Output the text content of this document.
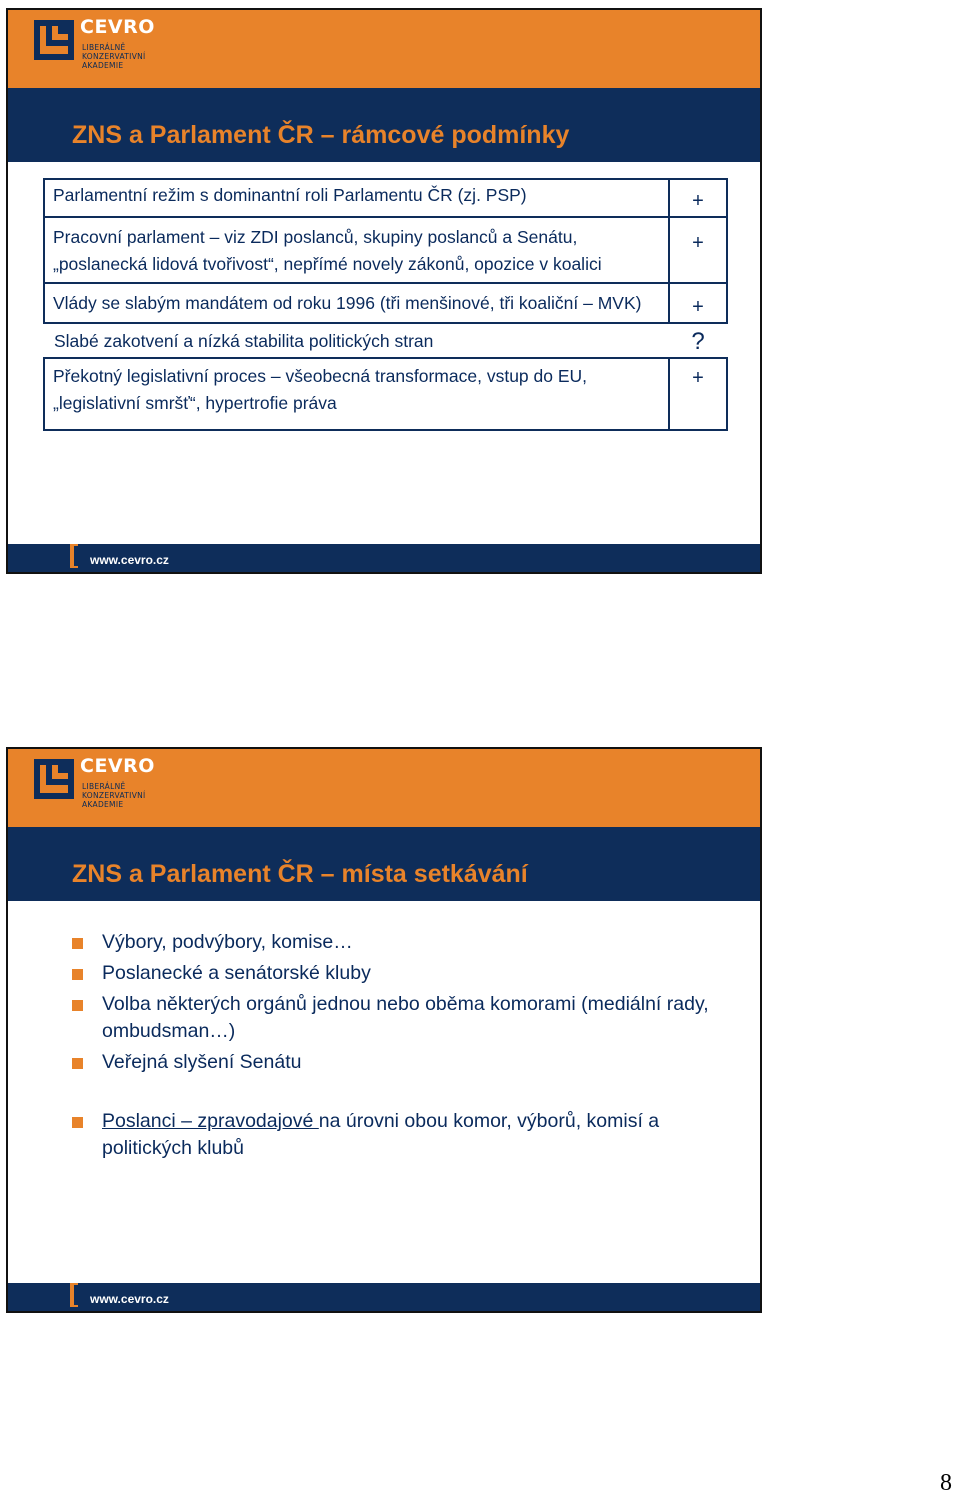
CEVRO
LIBERÁLNĚ
KONZERVATIVNÍ
AKADEMIE
ZNS a Parlament ČR – rámcové podmínky
Parlamentní režim s dominantní roli Parlamentu ČR (zj. PSP)	+
Pracovní parlament – viz ZDI poslanců, skupiny poslanců a Senátu, „poslanecká lidová tvořivost“, nepřímé novely zákonů, opozice v koalici	+
Vlády se slabým mandátem od roku 1996 (tři menšinové, tři koaliční – MVK)	+
Slabé zakotvení a nízká stabilita politických stran	?
Překotný legislativní proces – všeobecná transformace, vstup do EU, „legislativní smršť“, hypertrofie práva	+
www.cevro.cz
CEVRO
LIBERÁLNĚ
KONZERVATIVNÍ
AKADEMIE
ZNS a Parlament ČR – místa setkávání
Výbory, podvýbory, komise…
Poslanecké a senátorské kluby
Volba některých orgánů jednou nebo oběma komorami (mediální rady, ombudsman…)
Veřejná slyšení Senátu
Poslanci – zpravodajové na úrovni obou komor, výborů, komisí a politických klubů
www.cevro.cz
8
